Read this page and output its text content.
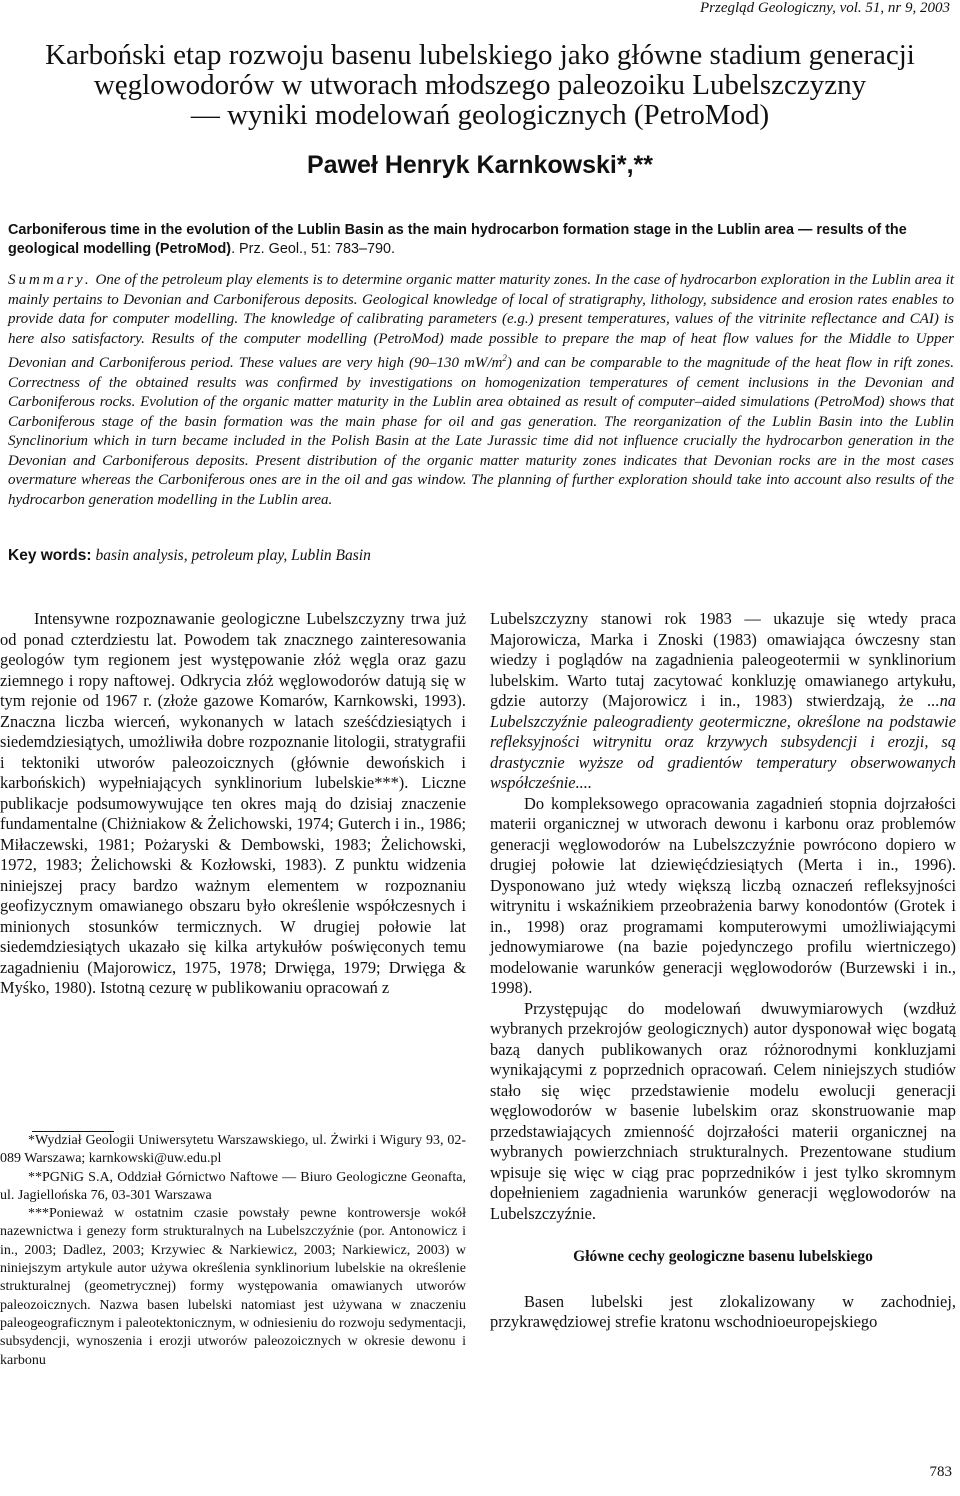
Przegląd Geologiczny, vol. 51, nr 9, 2003
Karboński etap rozwoju basenu lubelskiego jako główne stadium generacji
węglowodorów w utworach młodszego paleozoiku Lubelszczyzny
— wyniki modelowań geologicznych (PetroMod)
Paweł Henryk Karnkowski*,**
Carboniferous time in the evolution of the Lublin Basin as the main hydrocarbon formation stage in the Lublin area — results of the geological modelling (PetroMod). Prz. Geol., 51: 783–790.
Summary. One of the petroleum play elements is to determine organic matter maturity zones. In the case of hydrocarbon exploration in the Lublin area it mainly pertains to Devonian and Carboniferous deposits. Geological knowledge of local of stratigraphy, lithology, subsidence and erosion rates enables to provide data for computer modelling. The knowledge of calibrating parameters (e.g.) present temperatures, values of the vitrinite reflectance and CAI) is here also satisfactory. Results of the computer modelling (PetroMod) made possible to prepare the map of heat flow values for the Middle to Upper Devonian and Carboniferous period. These values are very high (90–130 $mW/m^2$) and can be comparable to the magnitude of the heat flow in rift zones. Correctness of the obtained results was confirmed by investigations on homogenization temperatures of cement inclusions in the Devonian and Carboniferous rocks. Evolution of the organic matter maturity in the Lublin area obtained as result of computer–aided simulations (PetroMod) shows that Carboniferous stage of the basin formation was the main phase for oil and gas generation. The reorganization of the Lublin Basin into the Lublin Synclinorium which in turn became included in the Polish Basin at the Late Jurassic time did not influence crucially the hydrocarbon generation in the Devonian and Carboniferous deposits. Present distribution of the organic matter maturity zones indicates that Devonian rocks are in the most cases overmature whereas the Carboniferous ones are in the oil and gas window. The planning of further exploration should take into account also results of the hydrocarbon generation modelling in the Lublin area.
Key words: basin analysis, petroleum play, Lublin Basin

Intensywne rozpoznawanie geologiczne Lubelszczyzny trwa już od ponad czterdziestu lat. Powodem tak znacznego zainteresowania geologów tym regionem jest występowanie złóż węgla oraz gazu ziemnego i ropy naftowej. Odkrycia złóż węglowodorów datują się w tym rejonie od 1967 r. (złoże gazowe Komarów, Karnkowski, 1993). Znaczna liczba wierceń, wykonanych w latach sześćdziesiątych i siedemdziesiątych, umożliwiła dobre rozpoznanie litologii, stratygrafii i tektoniki utworów paleozoicznych (głównie dewońskich i karbońskich) wypełniających synklinorium lubelskie***). Liczne publikacje podsumowywujące ten okres mają do dzisiaj znaczenie fundamentalne (Chiżniakow & Żelichowski, 1974; Guterch i in., 1986; Miłaczewski, 1981; Pożaryski & Dembowski, 1983; Żelichowski, 1972, 1983; Żelichowski & Kozłowski, 1983). Z punktu widzenia niniejszej pracy bardzo ważnym elementem w rozpoznaniu geofizycznym omawianego obszaru było określenie współczesnych i minionych stosunków termicznych. W drugiej połowie lat siedemdziesiątych ukazało się kilka artykułów poświęconych temu zagadnieniu (Majorowicz, 1975, 1978; Drwięga, 1979; Drwięga & Myśko, 1980). Istotną cezurę w publikowaniu opracowań z

*Wydział Geologii Uniwersytetu Warszawskiego, ul. Żwirki i Wigury 93, 02-089 Warszawa; karnkowski@uw.edu.pl

**PGNiG S.A, Oddział Górnictwo Naftowe — Biuro Geologiczne Geonafta, ul. Jagiellońska 76, 03-301 Warszawa

***Ponieważ w ostatnim czasie powstały pewne kontrowersje wokół nazewnictwa i genezy form strukturalnych na Lubelszczyźnie (por. Antonowicz i in., 2003; Dadlez, 2003; Krzywiec & Narkiewicz, 2003; Narkiewicz, 2003) w niniejszym artykule autor używa określenia synklinorium lubelskie na określenie strukturalnej (geometrycznej) formy występowania omawianych utworów paleozoicznych. Nazwa basen lubelski natomiast jest używana w znaczeniu paleogeograficznym i paleotektonicznym, w odniesieniu do rozwoju sedymentacji, subsydencji, wynoszenia i erozji utworów paleozoicznych w okresie dewonu i karbonu

Lubelszczyzny stanowi rok 1983 — ukazuje się wtedy praca Majorowicza, Marka i Znoski (1983) omawiająca ówczesny stan wiedzy i poglądów na zagadnienia paleogeotermii w synklinorium lubelskim. Warto tutaj zacytować konkluzję omawianego artykułu, gdzie autorzy (Majorowicz i in., 1983) stwierdzają, że ...na Lubelszczyźnie paleogradienty geotermiczne, określone na podstawie refleksyjności witrynitu oraz krzywych subsydencji i erozji, są drastycznie wyższe od gradientów temperatury obserwowanych współcześnie....

Do kompleksowego opracowania zagadnień stopnia dojrzałości materii organicznej w utworach dewonu i karbonu oraz problemów generacji węglowodorów na Lubelszczyźnie powrócono dopiero w drugiej połowie lat dziewięćdziesiątych (Merta i in., 1996). Dysponowano już wtedy większą liczbą oznaczeń refleksyjności witrynitu i wskaźnikiem przeobrażenia barwy konodontów (Grotek i in., 1998) oraz programami komputerowymi umożliwiającymi jednowymiarowe (na bazie pojedynczego profilu wiertniczego) modelowanie warunków generacji węglowodorów (Burzewski i in., 1998).

Przystępując do modelowań dwuwymiarowych (wzdłuż wybranych przekrojów geologicznych) autor dysponował więc bogatą bazą danych publikowanych oraz różnorodnymi konkluzjami wynikającymi z poprzednich opracowań. Celem niniejszych studiów stało się więc przedstawienie modelu ewolucji generacji węglowodorów w basenie lubelskim oraz skonstruowanie map przedstawiających zmienność dojrzałości materii organicznej na wybranych powierzchniach strukturalnych. Prezentowane studium wpisuje się więc w ciąg prac poprzedników i jest tylko skromnym dopełnieniem zagadnienia warunków generacji węglowodorów na Lubelszczyźnie.

Główne cechy geologiczne basenu lubelskiego

Basen lubelski jest zlokalizowany w zachodniej, przykrawędziowej strefie kratonu wschodnioeuropejskiego

783
